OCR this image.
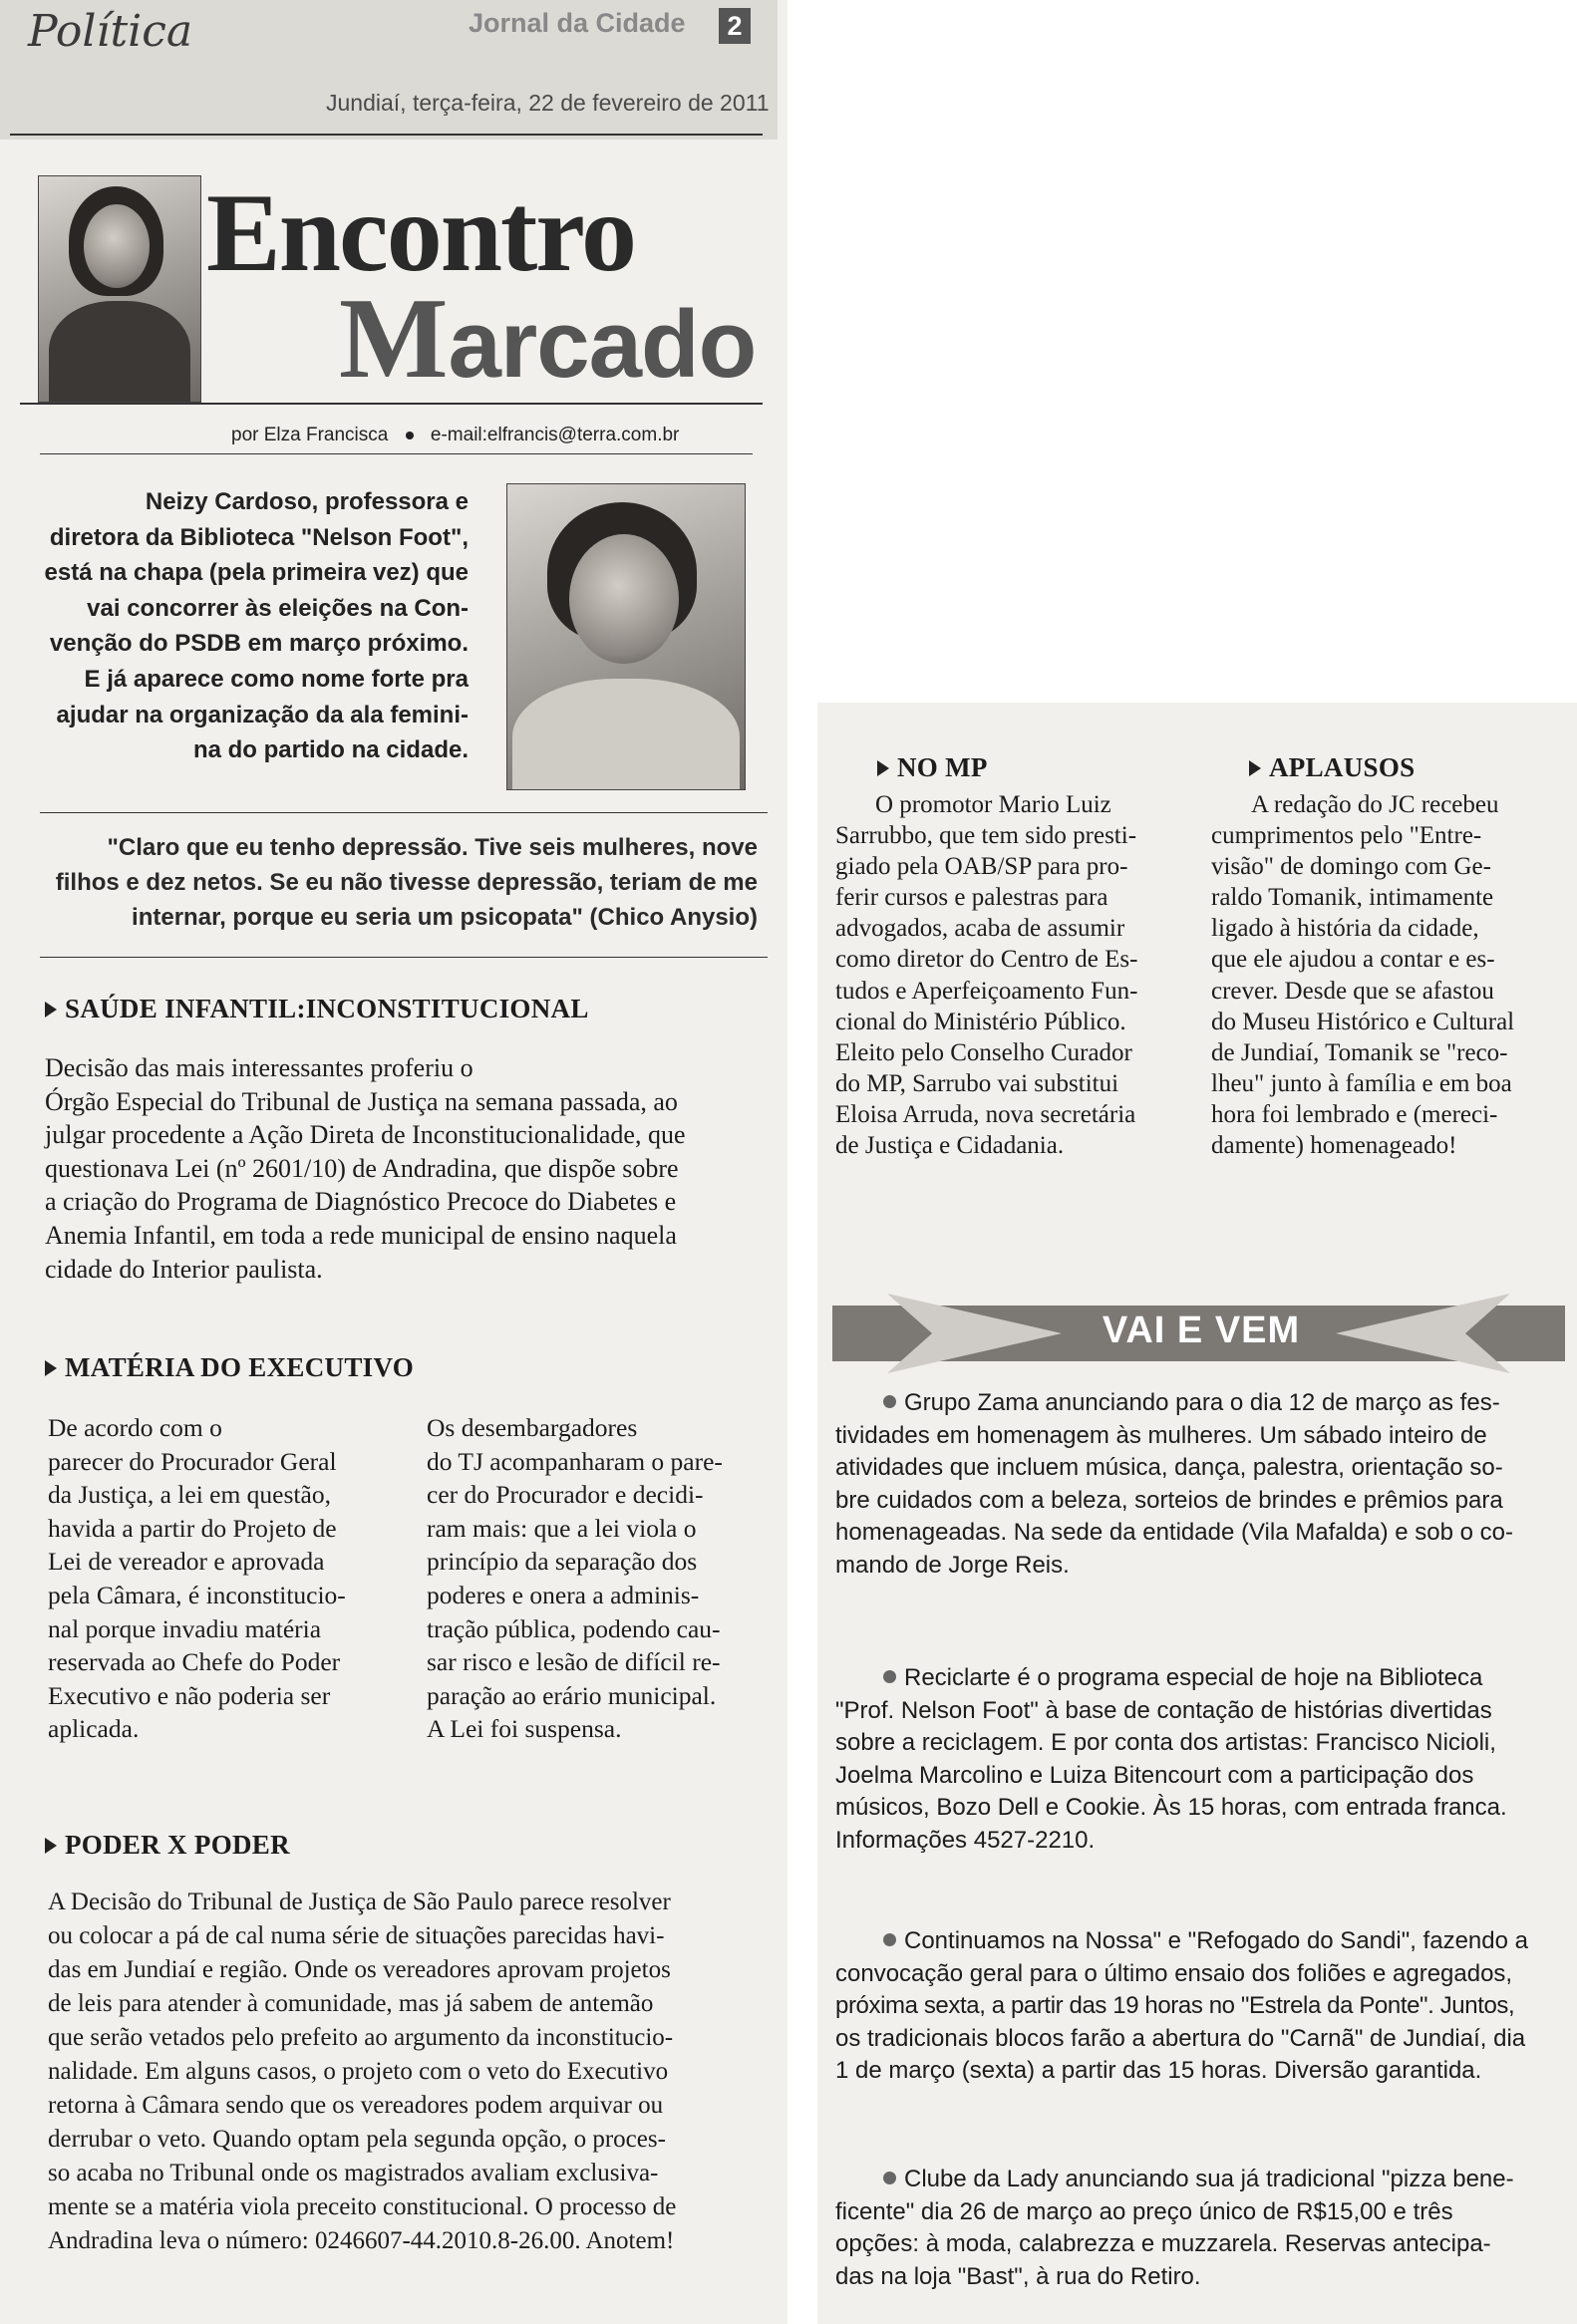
Política	Jornal da Cidade	2
Jundiaí, terça-feira, 22 de fevereiro de 2011
Encontro
Marcado
por Elza Francisca e-mail:elfrancis@terra.com.br
Neizy Cardoso, professora e
diretora da Biblioteca "Nelson Foot",
está na chapa (pela primeira vez) que
vai concorrer às eleições na Con-
venção do PSDB em março próximo.
E já aparece como nome forte pra
ajudar na organização da ala femini-
na do partido na cidade.
"Claro que eu tenho depressão. Tive seis mulheres, nove
filhos e dez netos. Se eu não tivesse depressão, teriam de me
internar, porque eu seria um psicopata" (Chico Anysio)
SAÚDE INFANTIL:INCONSTITUCIONAL
Decisão das mais interessantes proferiu o
Órgão Especial do Tribunal de Justiça na semana passada, ao
julgar procedente a Ação Direta de Inconstitucionalidade, que
questionava Lei (nº 2601/10) de Andradina, que dispõe sobre
a criação do Programa de Diagnóstico Precoce do Diabetes e
Anemia Infantil, em toda a rede municipal de ensino naquela
cidade do Interior paulista.
MATÉRIA DO EXECUTIVO
De acordo com o
parecer do Procurador Geral
da Justiça, a lei em questão,
havida a partir do Projeto de
Lei de vereador e aprovada
pela Câmara, é inconstitucio-
nal porque invadiu matéria
reservada ao Chefe do Poder
Executivo e não poderia ser
aplicada.
Os desembargadores
do TJ acompanharam o pare-
cer do Procurador e decidi-
ram mais: que a lei viola o
princípio da separação dos
poderes e onera a adminis-
tração pública, podendo cau-
sar risco e lesão de difícil re-
paração ao erário municipal.
A Lei foi suspensa.
PODER X PODER
A Decisão do Tribunal de Justiça de São Paulo parece resolver
ou colocar a pá de cal numa série de situações parecidas havi-
das em Jundiaí e região. Onde os vereadores aprovam projetos
de leis para atender à comunidade, mas já sabem de antemão
que serão vetados pelo prefeito ao argumento da inconstitucio-
nalidade. Em alguns casos, o projeto com o veto do Executivo
retorna à Câmara sendo que os vereadores podem arquivar ou
derrubar o veto. Quando optam pela segunda opção, o proces-
so acaba no Tribunal onde os magistrados avaliam exclusiva-
mente se a matéria viola preceito constitucional. O processo de
Andradina leva o número: 0246607-44.2010.8-26.00. Anotem!
NO MP
O promotor Mario Luiz
Sarrubbo, que tem sido presti-
giado pela OAB/SP para pro-
ferir cursos e palestras para
advogados, acaba de assumir
como diretor do Centro de Es-
tudos e Aperfeiçoamento Fun-
cional do Ministério Público.
Eleito pelo Conselho Curador
do MP, Sarrubo vai substitui
Eloisa Arruda, nova secretária
de Justiça e Cidadania.
APLAUSOS
A redação do JC recebeu
cumprimentos pelo "Entre-
visão" de domingo com Ge-
raldo Tomanik, intimamente
ligado à história da cidade,
que ele ajudou a contar e es-
crever. Desde que se afastou
do Museu Histórico e Cultural
de Jundiaí, Tomanik se "reco-
lheu" junto à família e em boa
hora foi lembrado e (mereci-
damente) homenageado!
VAI E VEM
Grupo Zama anunciando para o dia 12 de março as fes-
tividades em homenagem às mulheres. Um sábado inteiro de
atividades que incluem música, dança, palestra, orientação so-
bre cuidados com a beleza, sorteios de brindes e prêmios para
homenageadas. Na sede da entidade (Vila Mafalda) e sob o co-
mando de Jorge Reis.
Reciclarte é o programa especial de hoje na Biblioteca
"Prof. Nelson Foot" à base de contação de histórias divertidas
sobre a reciclagem. E por conta dos artistas: Francisco Nicioli,
Joelma Marcolino e Luiza Bitencourt com a participação dos
músicos, Bozo Dell e Cookie. Às 15 horas, com entrada franca.
Informações 4527-2210.
Continuamos na Nossa" e "Refogado do Sandi", fazendo a
convocação geral para o último ensaio dos foliões e agregados,
próxima sexta, a partir das 19 horas no "Estrela da Ponte". Juntos,
os tradicionais blocos farão a abertura do "Carnã" de Jundiaí, dia
1 de março (sexta) a partir das 15 horas. Diversão garantida.
Clube da Lady anunciando sua já tradicional "pizza bene-
ficente" dia 26 de março ao preço único de R$15,00 e três
opções: à moda, calabrezza e muzzarela. Reservas antecipa-
das na loja "Bast", à rua do Retiro.
